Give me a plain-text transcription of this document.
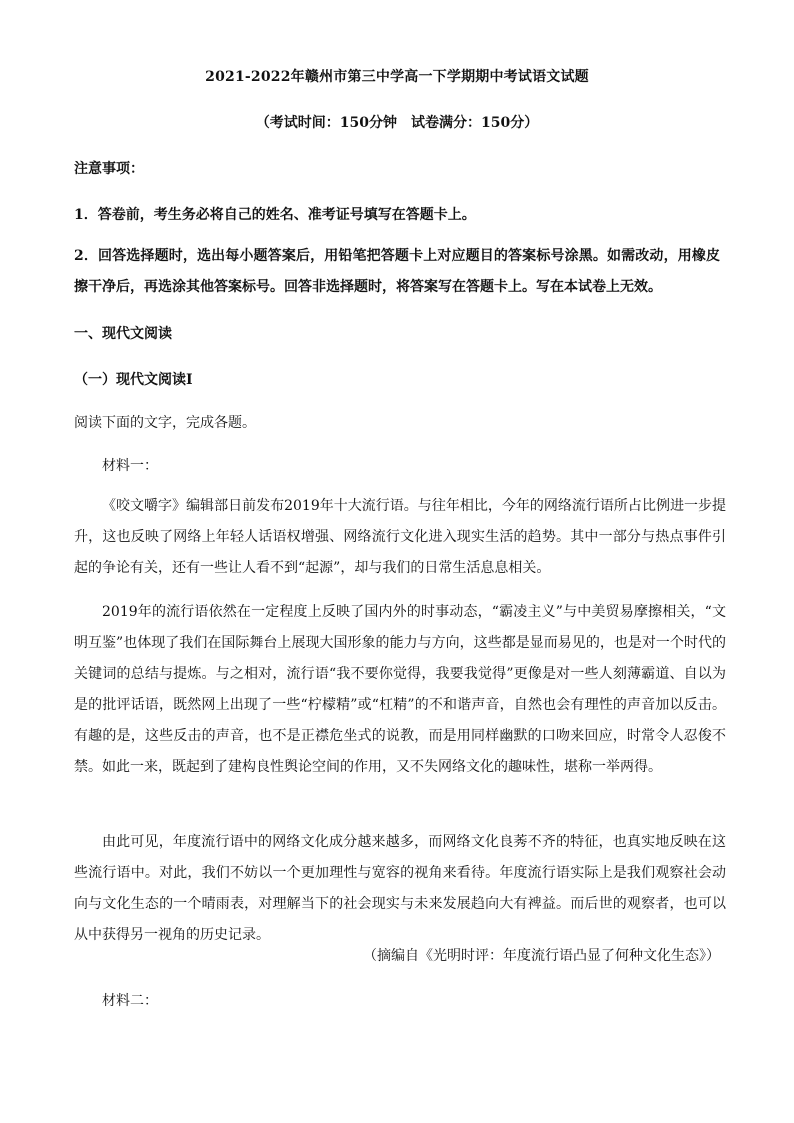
2021-2022年赣州市第三中学高一下学期期中考试语文试题
（考试时间：150分钟　试卷满分：150分）
注意事项：
1．答卷前，考生务必将自己的姓名、准考证号填写在答题卡上。

2．回答选择题时，选出每小题答案后，用铅笔把答题卡上对应题目的答案标号涂黑。如需改动，用橡皮擦干净后，再选涂其他答案标号。回答非选择题时，将答案写在答题卡上。写在本试卷上无效。

一、现代文阅读
（一）现代文阅读Ⅰ
阅读下面的文字，完成各题。
材料一：

《咬文嚼字》编辑部日前发布2019年十大流行语。与往年相比，今年的网络流行语所占比例进一步提升，这也反映了网络上年轻人话语权增强、网络流行文化进入现实生活的趋势。其中一部分与热点事件引起的争论有关，还有一些让人看不到“起源”，却与我们的日常生活息息相关。

2019年的流行语依然在一定程度上反映了国内外的时事动态，“霸凌主义”与中美贸易摩擦相关，“文明互鉴”也体现了我们在国际舞台上展现大国形象的能力与方向，这些都是显而易见的，也是对一个时代的关键词的总结与提炼。与之相对，流行语“我不要你觉得，我要我觉得”更像是对一些人刻薄霸道、自以为是的批评话语，既然网上出现了一些“柠檬精”或“杠精”的不和谐声音，自然也会有理性的声音加以反击。有趣的是，这些反击的声音，也不是正襟危坐式的说教，而是用同样幽默的口吻来回应，时常令人忍俊不禁。如此一来，既起到了建构良性舆论空间的作用，又不失网络文化的趣味性，堪称一举两得。

由此可见，年度流行语中的网络文化成分越来越多，而网络文化良莠不齐的特征，也真实地反映在这些流行语中。对此，我们不妨以一个更加理性与宽容的视角来看待。年度流行语实际上是我们观察社会动向与文化生态的一个晴雨表，对理解当下的社会现实与未来发展趋向大有裨益。而后世的观察者，也可以从中获得另一视角的历史记录。

（摘编自《光明时评：年度流行语凸显了何种文化生态》）
材料二：
